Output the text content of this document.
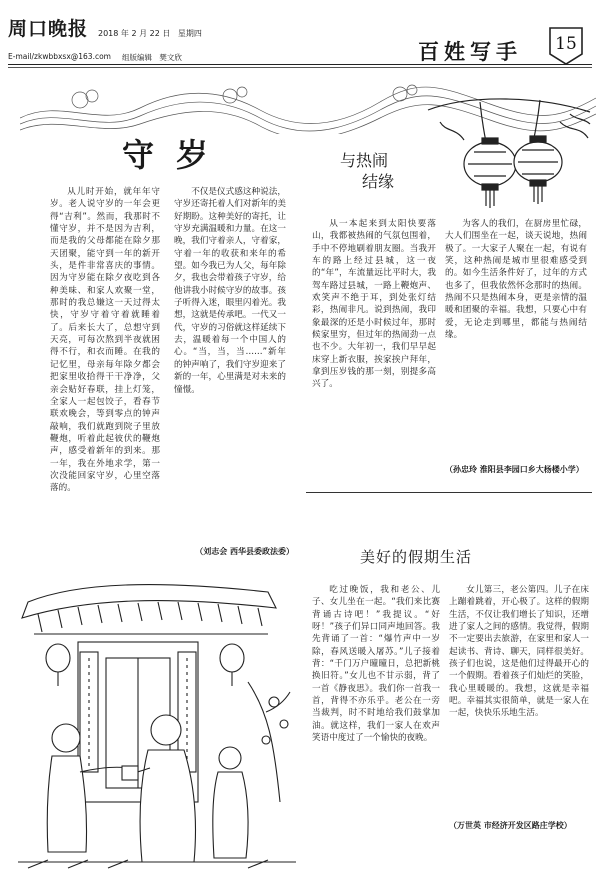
周口晚报 2018 年 2 月 22 日 星期四
E-mail/zkwbbxsx@163.com 组版编辑 樊文欣	百姓写手 15
守岁

从儿时开始，就年年守岁。老人说守岁的一年会更得“吉利”。然而，我那时不懂守岁，并不是因为吉利，而是我的父母都能在除夕那天团聚，能守到一年的新开头，是件非常喜庆的事情。因为守岁能在除夕夜吃到各种美味、和家人欢聚一堂，那时的我总嫌这一天过得太快，守岁守着守着就睡着了。后来长大了，总想守到天亮，可每次熬到半夜就困得不行，和衣而睡。在我的记忆里，母亲每年除夕都会把家里收拾得干干净净，父亲会贴好春联，挂上灯笼，全家人一起包饺子，看春节联欢晚会，等到零点的钟声敲响，我们就跑到院子里放鞭炮，听着此起彼伏的鞭炮声，感受着新年的到来。那一年，我在外地求学，第一次没能回家守岁，心里空落落的。

不仅是仪式感这种说法，守岁还寄托着人们对新年的美好期盼。这种美好的寄托，让守岁充满温暖和力量。在这一晚，我们守着亲人，守着家，守着一年的收获和来年的希望。如今我已为人父，每年除夕，我也会带着孩子守岁，给他讲我小时候守岁的故事。孩子听得入迷，眼里闪着光。我想，这就是传承吧。一代又一代，守岁的习俗就这样延续下去，温暖着每一个中国人的心。“当，当，当……”新年的钟声响了，我们守岁迎来了新的一年，心里满是对未来的憧憬。

（刘志会 西华县委政法委）
与热闹
结缘

从一本起来到太阳快要落山，我都被热闹的气氛包围着，手中不停地刷着朋友圈。当我开车的路上经过县城，这一夜的“年”，车流量远比平时大，我驾车路过县城，一路上鞭炮声、欢笑声不绝于耳，到处张灯结彩，热闹非凡。说到热闹，我印象最深的还是小时候过年，那时候家里穷，但过年的热闹劲一点也不少。大年初一，我们早早起床穿上新衣服，挨家挨户拜年，拿到压岁钱的那一刻，别提多高兴了。

为客人的我们，在厨房里忙碌，大人们围坐在一起，谈天说地，热闹极了。一大家子人聚在一起，有说有笑，这种热闹是城市里很难感受到的。如今生活条件好了，过年的方式也多了，但我依然怀念那时的热闹。热闹不只是热闹本身，更是亲情的温暖和团聚的幸福。我想，只要心中有爱，无论走到哪里，都能与热闹结缘。

（孙忠玲 淮阳县李园口乡大杨楼小学）
美好的假期生活

吃过晚饭，我和老公、儿子、女儿坐在一起。“我们来比赛背诵古诗吧！”我提议。“好呀！”孩子们异口同声地回答。我先背诵了一首：“爆竹声中一岁除，春风送暖入屠苏。”儿子接着背：“千门万户曈曈日，总把新桃换旧符。”女儿也不甘示弱，背了一首《静夜思》。我们你一首我一首，背得不亦乐乎。老公在一旁当裁判，时不时地给我们鼓掌加油。就这样，我们一家人在欢声笑语中度过了一个愉快的夜晚。

女儿第三，老公第四。儿子在床上蹦着跳着，开心极了。这样的假期生活，不仅让我们增长了知识，还增进了家人之间的感情。我觉得，假期不一定要出去旅游，在家里和家人一起读书、背诗、聊天，同样很美好。孩子们也说，这是他们过得最开心的一个假期。看着孩子们灿烂的笑脸，我心里暖暖的。我想，这就是幸福吧。幸福其实很简单，就是一家人在一起，快快乐乐地生活。

（万世英 市经济开发区路庄学校）
